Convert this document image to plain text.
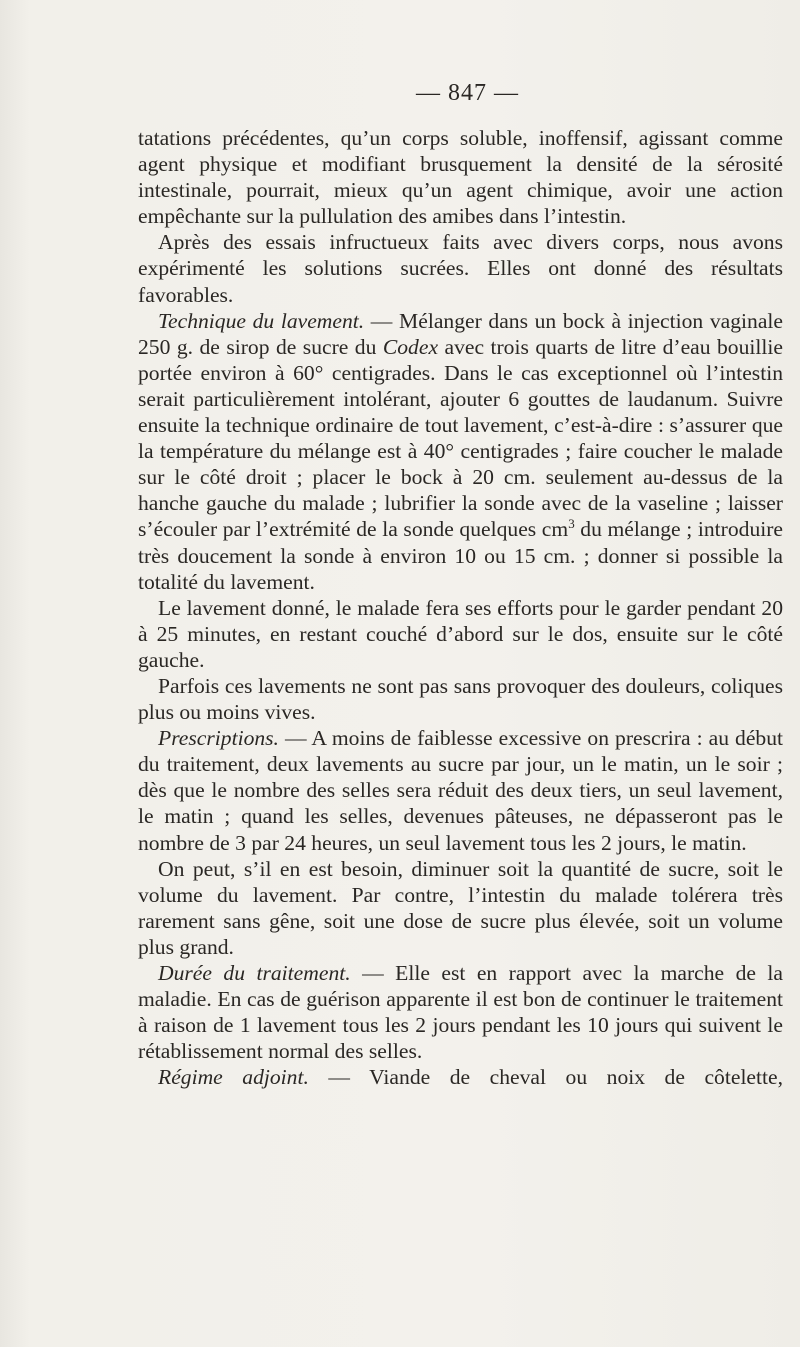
— 847 —

tatations précédentes, qu’un corps soluble, inoffensif, agissant comme agent physique et modifiant brusquement la densité de la sérosité intestinale, pourrait, mieux qu’un agent chimique, avoir une action empêchante sur la pullulation des amibes dans l’intestin.

Après des essais infructueux faits avec divers corps, nous avons expérimenté les solutions sucrées. Elles ont donné des résultats favorables.

Technique du lavement. — Mélanger dans un bock à injection vaginale 250 g. de sirop de sucre du Codex avec trois quarts de litre d’eau bouillie portée environ à 60° centigrades. Dans le cas exceptionnel où l’intestin serait particulièrement intolérant, ajouter 6 gouttes de laudanum. Suivre ensuite la technique ordinaire de tout lavement, c’est-à-dire : s’assurer que la température du mélange est à 40° centigrades ; faire coucher le malade sur le côté droit ; placer le bock à 20 cm. seulement au-dessus de la hanche gauche du malade ; lubrifier la sonde avec de la vaseline ; laisser s’écouler par l’extrémité de la sonde quelques $cm^3$ du mélange ; introduire très doucement la sonde à environ 10 ou 15 cm. ; donner si possible la totalité du lavement.

Le lavement donné, le malade fera ses efforts pour le garder pendant 20 à 25 minutes, en restant couché d’abord sur le dos, ensuite sur le côté gauche.

Parfois ces lavements ne sont pas sans provoquer des douleurs, coliques plus ou moins vives.

Prescriptions. — A moins de faiblesse excessive on prescrira : au début du traitement, deux lavements au sucre par jour, un le matin, un le soir ; dès que le nombre des selles sera réduit des deux tiers, un seul lavement, le matin ; quand les selles, devenues pâteuses, ne dépasseront pas le nombre de 3 par 24 heures, un seul lavement tous les 2 jours, le matin.

On peut, s’il en est besoin, diminuer soit la quantité de sucre, soit le volume du lavement. Par contre, l’intestin du malade tolérera très rarement sans gêne, soit une dose de sucre plus élevée, soit un volume plus grand.

Durée du traitement. — Elle est en rapport avec la marche de la maladie. En cas de guérison apparente il est bon de continuer le traitement à raison de 1 lavement tous les 2 jours pendant les 10 jours qui suivent le rétablissement normal des selles.

Régime adjoint. — Viande de cheval ou noix de côtelette,
